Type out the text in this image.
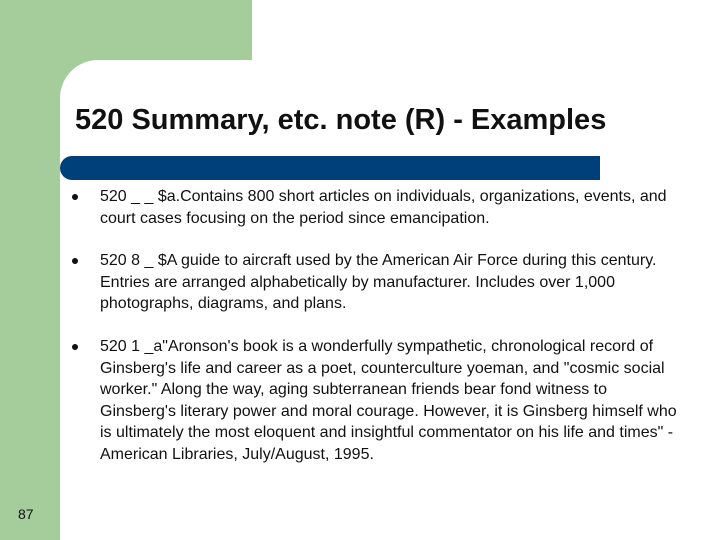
520 Summary, etc. note (R) - Examples
520 _ _ $a.Contains 800 short articles on individuals, organizations, events, and court cases focusing on the period since emancipation.
520 8 _ $A guide to aircraft used by the American Air Force during this century. Entries are arranged alphabetically by manufacturer. Includes over 1,000 photographs, diagrams, and plans.
520 1 _a"Aronson's book is a wonderfully sympathetic, chronological record of Ginsberg's life and career as a poet, counterculture yoeman, and "cosmic social worker." Along the way, aging subterranean friends bear fond witness to Ginsberg's literary power and moral courage. However, it is Ginsberg himself who is ultimately the most eloquent and insightful commentator on his life and times" - American Libraries, July/August, 1995.
87
